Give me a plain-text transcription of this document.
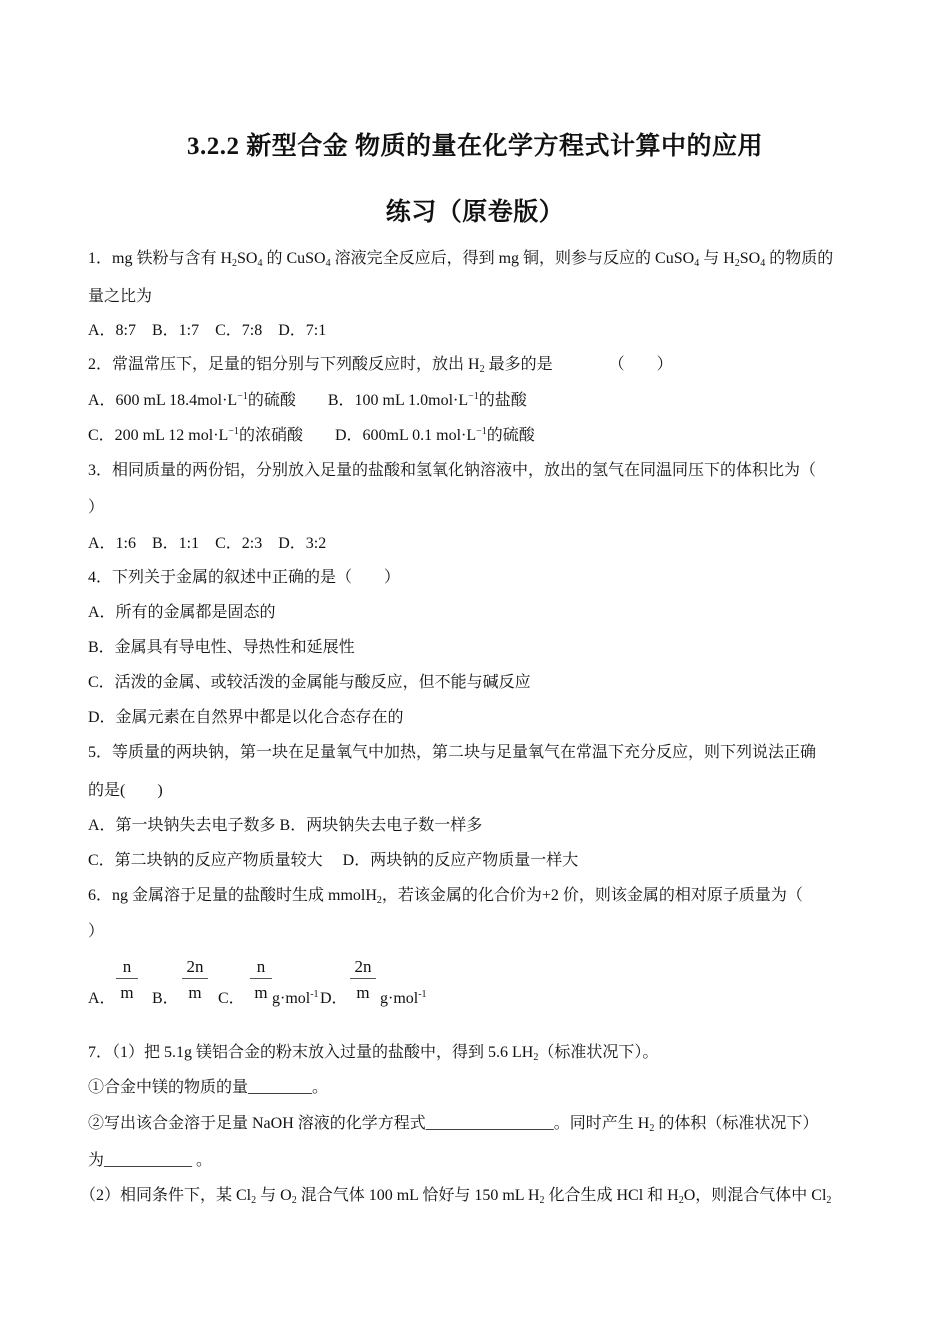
3.2.2 新型合金 物质的量在化学方程式计算中的应用
练习（原卷版）
1．mg 铁粉与含有 $H_2SO_4$ 的 CuSO$_4$ 溶液完全反应后，得到 mg 铜，则参与反应的 CuSO$_4$ 与 $H_2SO_4$ 的物质的
量之比为
A．8:7　B．1:7　C．7:8　D．7:1
2．常温常压下，足量的铝分别与下列酸反应时，放出 $H_2$ 最多的是　　　　（　　）
A．600 mL $18.4mol\cdot L^{-1}$的硫酸　　B．100 mL $1.0mol\cdot L^{-1}$的盐酸
C．200 mL 12 $mol\cdot L^{-1}$的浓硝酸　　D．600mL 0.1 $mol\cdot L^{-1}$的硫酸
3．相同质量的两份铝，分别放入足量的盐酸和氢氧化钠溶液中，放出的氢气在同温同压下的体积比为（
）
A．1:6　B．1:1　C．2:3　D．3:2
4．下列关于金属的叙述中正确的是（　　）
A．所有的金属都是固态的
B．金属具有导电性、导热性和延展性
C．活泼的金属、或较活泼的金属能与酸反应，但不能与碱反应
D．金属元素在自然界中都是以化合态存在的
5．等质量的两块钠，第一块在足量氧气中加热，第二块与足量氧气在常温下充分反应，则下列说法正确
的是(　　)
A．第一块钠失去电子数多 B．两块钠失去电子数一样多
C．第二块钠的反应产物质量较大　 D．两块钠的反应产物质量一样大
6．ng 金属溶于足量的盐酸时生成 mmolH$_2$，若该金属的化合价为+2 价，则该金属的相对原子质量为（
）
A．
n
m B．
2n
m	C．
n
m g·mol$^{-1}$ D．
2n
m g·mol$^{-1}$
7．（1）把 5.1g 镁铝合金的粉末放入过量的盐酸中，得到 5.6 $LH_2$（标准状况下）。
①合金中镁的物质的量________。
②写出该合金溶于足量 NaOH 溶液的化学方程式________________。同时产生 $H_2$ 的体积（标准状况下）
为___________ 。
（2）相同条件下，某 $Cl_2$ 与 $O_2$ 混合气体 100 mL 恰好与 150 mL $H_2$ 化合生成 HCl 和 $H_2O$，则混合气体中 $Cl_2$
